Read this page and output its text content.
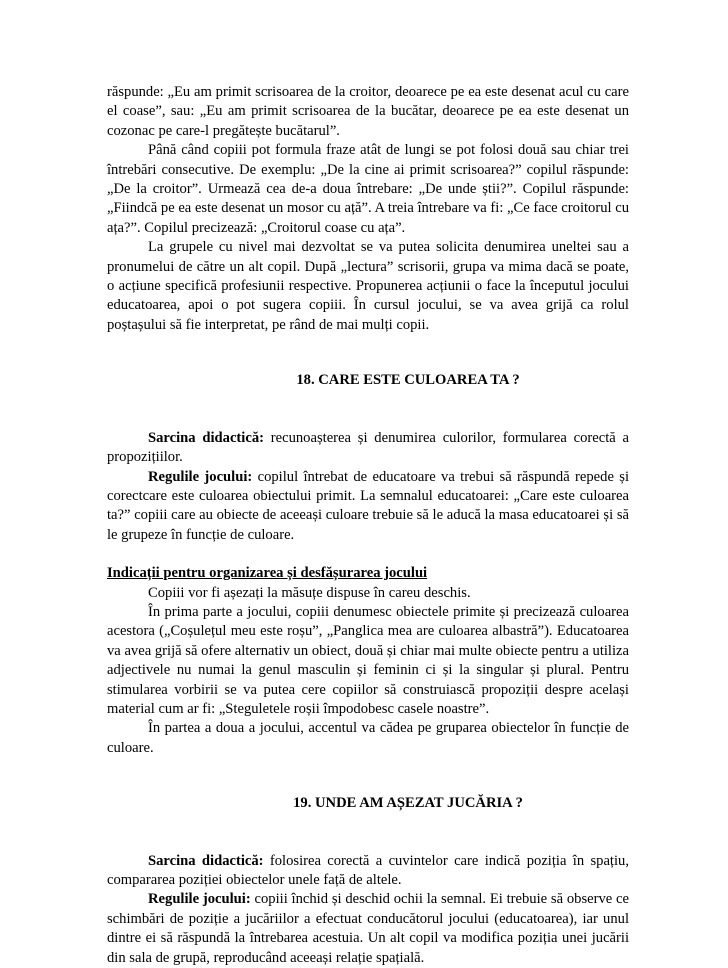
răspunde: „Eu am primit scrisoarea de la croitor, deoarece pe ea este desenat acul cu care el coase”, sau: „Eu am primit scrisoarea de la bucătar, deoarece pe ea este desenat un cozonac pe care-l pregătește bucătarul”.

Până când copiii pot formula fraze atât de lungi se pot folosi două sau chiar trei întrebări consecutive. De exemplu: „De la cine ai primit scrisoarea?” copilul răspunde: „De la croitor”. Urmează cea de-a doua întrebare: „De unde știi?”. Copilul răspunde: „Fiindcă pe ea este desenat un mosor cu ață”. A treia întrebare va fi: „Ce face croitorul cu ața?”. Copilul precizează: „Croitorul coase cu ața”.

La grupele cu nivel mai dezvoltat se va putea solicita denumirea uneltei sau a pronumelui de către un alt copil. După „lectura” scrisorii, grupa va mima dacă se poate, o acțiune specifică profesiunii respective. Propunerea acțiunii o face la începutul jocului educatoarea, apoi o pot sugera copiii. În cursul jocului, se va avea grijă ca rolul poștașului să fie interpretat, pe rând de mai mulți copii.

18. CARE ESTE CULOAREA TA ?

Sarcina didactică: recunoașterea și denumirea culorilor, formularea corectă a propozițiilor.

Regulile jocului: copilul întrebat de educatoare va trebui să răspundă repede și corectcare este culoarea obiectului primit. La semnalul educatoarei: „Care este culoarea ta?” copiii care au obiecte de aceeași culoare trebuie să le aducă la masa educatoarei și să le grupeze în funcție de culoare.

Indicații pentru organizarea și desfășurarea jocului

Copiii vor fi așezați la măsuțe dispuse în careu deschis.

În prima parte a jocului, copiii denumesc obiectele primite și precizează culoarea acestora („Coșulețul meu este roșu”, „Panglica mea are culoarea albastră”). Educatoarea va avea grijă să ofere alternativ un obiect, două și chiar mai multe obiecte pentru a utiliza adjectivele nu numai la genul masculin și feminin ci și la singular și plural. Pentru stimularea vorbirii se va putea cere copiilor să construiască propoziții despre același material cum ar fi: „Steguletele roșii împodobesc casele noastre”.

În partea a doua a jocului, accentul va cădea pe gruparea obiectelor în funcție de culoare.

19. UNDE AM AȘEZAT JUCĂRIA ?

Sarcina didactică: folosirea corectă a cuvintelor care indică poziția în spațiu, compararea poziției obiectelor unele față de altele.

Regulile jocului: copiii închid și deschid ochii la semnal. Ei trebuie să observe ce schimbări de poziție a jucăriilor a efectuat conducătorul jocului (educatoarea), iar unul dintre ei să răspundă la întrebarea acestuia. Un alt copil va modifica poziția unei jucării din sala de grupă, reproducând aceeași relație spațială.
